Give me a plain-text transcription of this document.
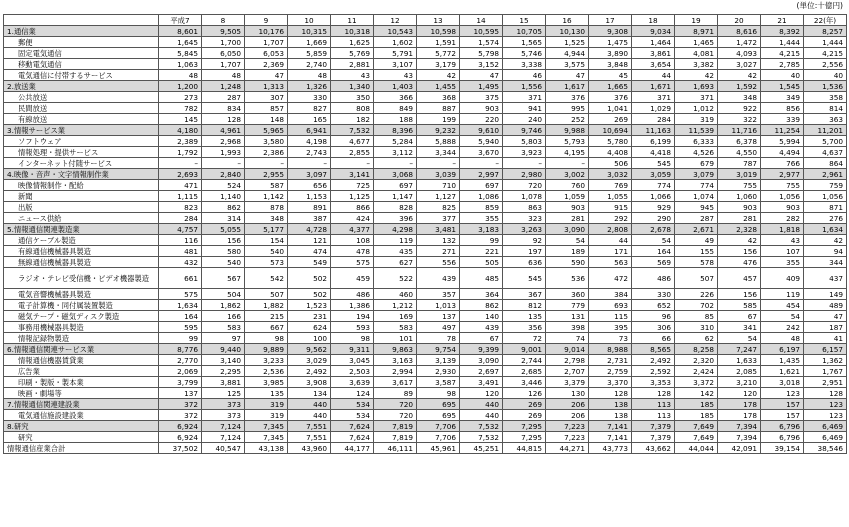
(単位:十億円)
	平成7	8	9	10	11	12	13	14	15	16	17	18	19	20	21	22(年)
1.通信業	8,601	9,505	10,176	10,315	10,318	10,543	10,598	10,595	10,705	10,130	9,308	9,034	8,971	8,616	8,392	8,257
郵便	1,645	1,700	1,707	1,669	1,625	1,602	1,591	1,574	1,565	1,525	1,475	1,464	1,465	1,472	1,444	1,444
固定電気通信	5,845	6,050	6,053	5,859	5,769	5,791	5,772	5,798	5,746	4,944	3,890	3,861	4,081	4,093	4,215	4,215
移動電気通信	1,063	1,707	2,369	2,740	2,881	3,107	3,179	3,152	3,338	3,575	3,848	3,654	3,382	3,027	2,785	2,556
電気通信に付帯するサービス	48	48	47	48	43	43	42	47	46	47	45	44	42	42	40	40
2.放送業	1,200	1,248	1,313	1,326	1,340	1,403	1,455	1,495	1,556	1,617	1,665	1,671	1,693	1,592	1,545	1,536
公共放送	273	287	307	330	350	366	368	375	371	376	376	371	371	348	349	358
民間放送	782	834	857	827	808	849	887	903	941	995	1,041	1,029	1,012	922	856	814
有線放送	145	128	148	165	182	188	199	220	240	252	269	284	319	322	339	363
3.情報サービス業	4,180	4,961	5,965	6,941	7,532	8,396	9,232	9,610	9,746	9,988	10,694	11,163	11,539	11,716	11,254	11,201
ソフトウェア	2,389	2,968	3,580	4,198	4,677	5,284	5,888	5,940	5,803	5,793	5,780	6,199	6,333	6,378	5,994	5,700
情報処理・提供サービス	1,792	1,993	2,386	2,743	2,855	3,112	3,344	3,670	3,923	4,195	4,408	4,418	4,526	4,550	4,494	4,637
インターネット付随サービス	–	–	–	–	–	–	–	–	–	–	506	545	679	787	766	864
4.映像・音声・文字情報制作業	2,693	2,840	2,955	3,097	3,141	3,068	3,039	2,997	2,980	3,002	3,032	3,059	3,079	3,019	2,977	2,961
映像情報制作・配給	471	524	587	656	725	697	710	697	720	760	769	774	774	755	755	759
新聞	1,115	1,140	1,142	1,153	1,125	1,147	1,127	1,086	1,078	1,059	1,055	1,066	1,074	1,060	1,056	1,056
出版	823	862	878	891	866	828	825	859	863	903	915	929	945	903	903	871
ニュース供給	284	314	348	387	424	396	377	355	323	281	292	290	287	281	282	276
5.情報通信関連製造業	4,757	5,055	5,177	4,728	4,377	4,298	3,481	3,183	3,263	3,090	2,808	2,678	2,671	2,328	1,818	1,634
通信ケーブル製造	116	156	154	121	108	119	132	99	92	54	44	54	49	42	43	42
有線通信機械器具製造	481	580	540	474	478	435	271	221	197	189	171	164	155	156	107	94
無線通信機械器具製造	432	540	573	549	575	627	556	505	636	590	563	569	578	476	355	344
ラジオ・テレビ受信機・ビデオ機器製造	661	567	542	502	459	522	439	485	545	536	472	486	507	457	409	437
電気音響機械器具製造	575	504	507	502	486	460	357	364	367	360	384	330	226	156	119	149
電子計算機・同付属装置製造	1,634	1,862	1,882	1,523	1,386	1,212	1,013	862	812	779	693	652	702	585	454	489
磁気テープ・磁気ディスク製造	164	166	215	231	194	169	137	140	135	131	115	96	85	67	54	47
事務用機械器具製造	595	583	667	624	593	583	497	439	356	398	395	306	310	341	242	187
情報記録物製造	99	97	98	100	98	101	78	67	72	74	73	66	62	54	48	41
6.情報通信関連サービス業	8,776	9,440	9,889	9,562	9,311	9,863	9,754	9,399	9,001	9,014	8,988	8,565	8,258	7,247	6,197	6,157
情報通信機器賃貸業	2,770	3,140	3,233	3,029	3,045	3,163	3,139	3,090	2,744	2,798	2,731	2,492	2,320	1,633	1,435	1,362
広告業	2,069	2,295	2,536	2,492	2,503	2,994	2,930	2,697	2,685	2,707	2,759	2,592	2,424	2,085	1,621	1,767
印刷・製版・製本業	3,799	3,881	3,985	3,908	3,639	3,617	3,587	3,491	3,446	3,379	3,370	3,353	3,372	3,210	3,018	2,951
映画・劇場等	137	125	135	134	124	89	98	120	126	130	128	128	142	120	123	128
7.情報通信関連建設業	372	373	319	440	534	720	695	440	269	206	138	113	185	178	157	123
電気通信施設建設業	372	373	319	440	534	720	695	440	269	206	138	113	185	178	157	123
8.研究	6,924	7,124	7,345	7,551	7,624	7,819	7,706	7,532	7,295	7,223	7,141	7,379	7,649	7,394	6,796	6,469
研究	6,924	7,124	7,345	7,551	7,624	7,819	7,706	7,532	7,295	7,223	7,141	7,379	7,649	7,394	6,796	6,469
情報通信産業合計	37,502	40,547	43,138	43,960	44,177	46,111	45,961	45,251	44,815	44,271	43,773	43,662	44,044	42,091	39,154	38,546
